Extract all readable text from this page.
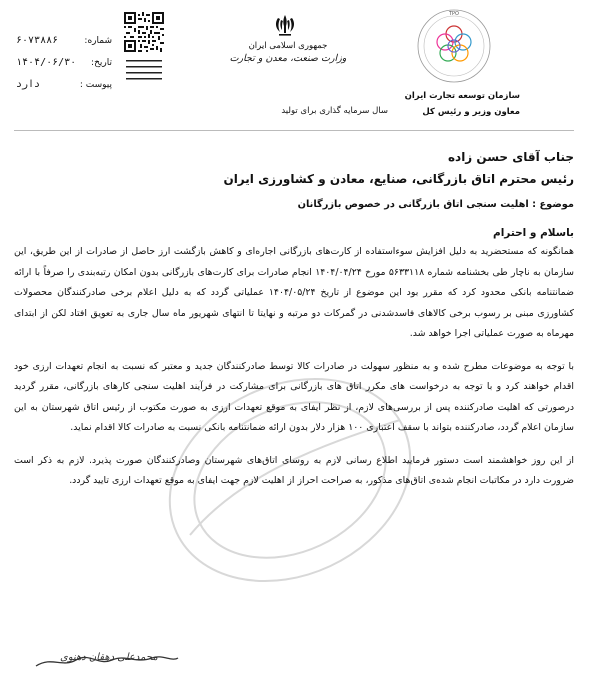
شماره:
۶۰۷۳۸۸۶
تاریخ:
۱۴۰۴/۰۶/۳۰
پیوست :
دارد
جمهوری اسلامی ایران
وزارت صنعت، معدن و تجارت
سال سرمایه گذاری برای تولید
TPO
سازمان توسعه تجارت ایران
معاون وزیر و رئیس کل
جناب آقای حسن زاده
رئیس محترم اتاق بازرگانی، صنایع، معادن و کشاورزی ایران
موضوع : اهلیت سنجی اتاق بازرگانی در خصوص بازرگانان
باسلام و احترام

همانگونه که مستحضرید به دلیل افزایش سوءاستفاده از کارت‌های بازرگانی اجاره‌ای و کاهش بازگشت ارز حاصل از صادرات از این طریق، این سازمان به ناچار طی بخشنامه شماره ۵۶۳۳۱۱۸ مورخ ۱۴۰۴/۰۴/۲۴ انجام صادرات برای کارت‌های بازرگانی بدون امکان رتبه‌بندی را صرفاً با ارائه ضمانتنامه بانکی محدود کرد که مقرر بود این موضوع از تاریخ ۱۴۰۴/۰۵/۲۴ عملیاتی گردد که به دلیل اعلام برخی صادرکنندگان محصولات کشاورزی مبنی بر رسوب برخی کالاهای فاسدشدنی در گمرکات دو مرتبه و نهایتا تا انتهای شهریور ماه سال جاری به تعویق افتاد لکن از ابتدای مهرماه به صورت عملیاتی اجرا خواهد شد.

با توجه به موضوعات مطرح شده و به منظور سهولت در صادرات کالا توسط صادرکنندگان جدید و معتبر که نسبت به انجام تعهدات ارزی خود اقدام خواهند کرد و با توجه به درخواست های مکرر اتاق های بازرگانی برای مشارکت در فرآیند اهلیت سنجی کارهای بازرگانی، مقرر گردید درصورتی که اهلیت صادرکننده پس از بررسی‌های لازم، از نظر ایفای به موقع تعهدات ارزی به صورت مکتوب از رئیس اتاق شهرستان به این سازمان اعلام گردد، صادرکننده بتواند با سقف اعتباری ۱۰۰ هزار دلار بدون ارائه ضمانتنامه بانکی نسبت به صادرات کالا اقدام نماید.

از این روز خواهشمند است دستور فرمایید اطلاع رسانی لازم به روسای اتاق‌های شهرستان وصادرکنندگان صورت پذیرد. لازم به ذکر است ضرورت دارد در مکاتبات انجام شده‌ی اتاق‌های مذکور، به صراحت احراز از اهلیت لازم جهت ایفای به موقع تعهدات ارزی تایید گردد.

محمدعلی دهقان دهنوی
